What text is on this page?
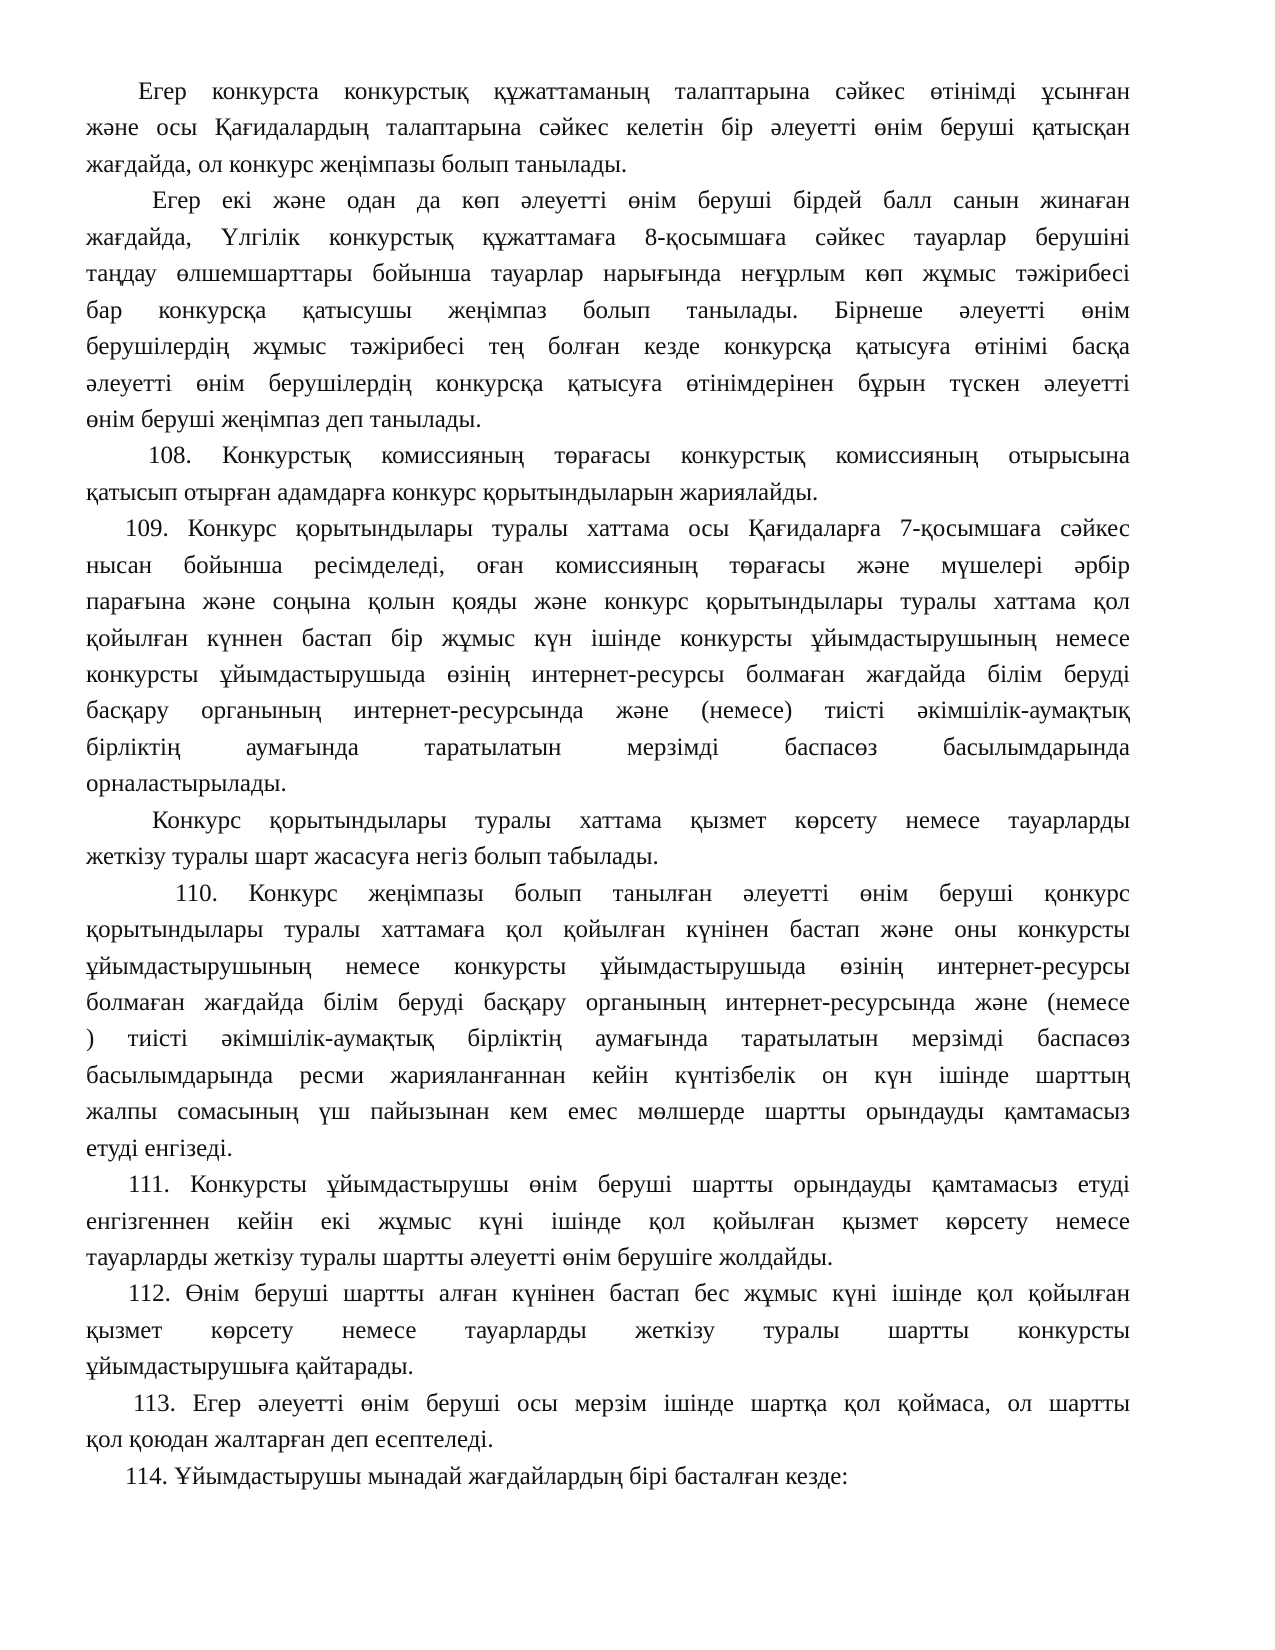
Егер конкурста конкурстық құжаттаманың талаптарына сәйкес өтінімді ұсынған
және осы Қағидалардың талаптарына сәйкес келетін бір әлеуетті өнім беруші қатысқан
жағдайда, ол конкурс жеңімпазы болып танылады.
Егер екі және одан да көп әлеуетті өнім беруші бірдей балл санын жинаған
жағдайда, Үлгілік конкурстық құжаттамаға 8-қосымшаға сәйкес тауарлар берушіні
таңдау өлшемшарттары бойынша тауарлар нарығында неғұрлым көп жұмыс тәжірибесі
бар конкурсқа қатысушы жеңімпаз болып танылады. Бірнеше әлеуетті өнім
берушілердің жұмыс тәжірибесі тең болған кезде конкурсқа қатысуға өтінімі басқа
әлеуетті өнім берушілердің конкурсқа қатысуға өтінімдерінен бұрын түскен әлеуетті
өнім беруші жеңімпаз деп танылады.
108. Конкурстық комиссияның төрағасы конкурстық комиссияның отырысына
қатысып отырған адамдарға конкурс қорытындыларын жариялайды.
109. Конкурс қорытындылары туралы хаттама осы Қағидаларға 7-қосымшаға сәйкес
нысан бойынша ресімделеді, оған комиссияның төрағасы және мүшелері әрбір
парағына және соңына қолын қояды және конкурс қорытындылары туралы хаттама қол
қойылған күннен бастап бір жұмыс күн ішінде конкурсты ұйымдастырушының немесе
конкурсты ұйымдастырушыда өзінің интернет-ресурсы болмаған жағдайда білім беруді
басқару органының интернет-ресурсында және (немесе) тиісті әкімшілік-аумақтық
бірліктің аумағында таратылатын мерзімді баспасөз басылымдарында
орналастырылады.
Конкурс қорытындылары туралы хаттама қызмет көрсету немесе тауарларды
жеткізу туралы шарт жасасуға негіз болып табылады.
110. Конкурс жеңімпазы болып танылған әлеуетті өнім беруші қонкурс
қорытындылары туралы хаттамаға қол қойылған күнінен бастап және оны конкурсты
ұйымдастырушының немесе конкурсты ұйымдастырушыда өзінің интернет-ресурсы
болмаған жағдайда білім беруді басқару органының интернет-ресурсында және (немесе
) тиісті әкімшілік-аумақтық бірліктің аумағында таратылатын мерзімді баспасөз
басылымдарында ресми жарияланғаннан кейін күнтізбелік он күн ішінде шарттың
жалпы сомасының үш пайызынан кем емес мөлшерде шартты орындауды қамтамасыз
етуді енгізеді.
111. Конкурсты ұйымдастырушы өнім беруші шартты орындауды қамтамасыз етуді
енгізгеннен кейін екі жұмыс күні ішінде қол қойылған қызмет көрсету немесе
тауарларды жеткізу туралы шартты әлеуетті өнім берушіге жолдайды.
112. Өнім беруші шартты алған күнінен бастап бес жұмыс күні ішінде қол қойылған
қызмет көрсету немесе тауарларды жеткізу туралы шартты конкурсты
ұйымдастырушыға қайтарады.
113. Егер әлеуетті өнім беруші осы мерзім ішінде шартқа қол қоймаса, ол шартты
қол қоюдан жалтарған деп есептеледі.
114. Ұйымдастырушы мынадай жағдайлардың бірі басталған кезде:
